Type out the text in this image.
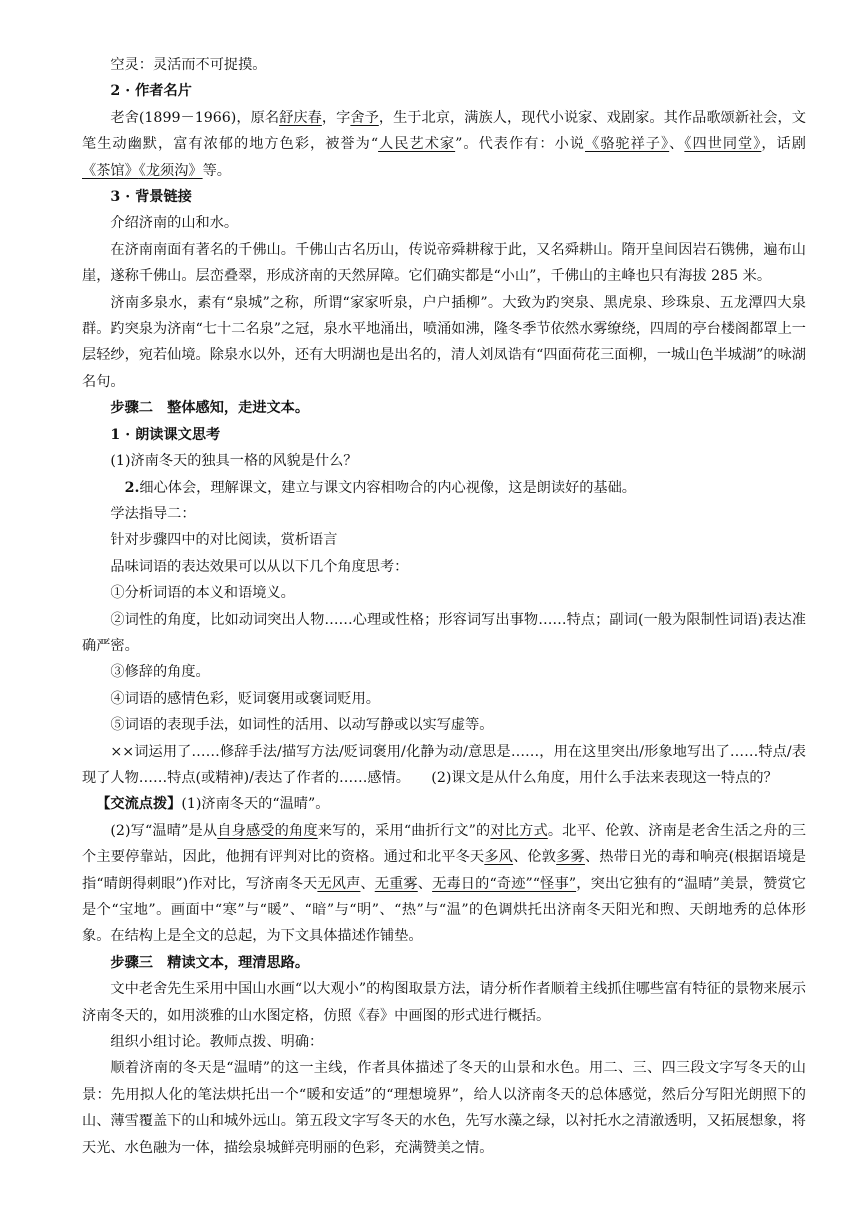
空灵：灵活而不可捉摸。

2 · 作者名片

老舍(1899－1966)，原名舒庆春，字舍予，生于北京，满族人，现代小说家、戏剧家。其作品歌颂新社会，文笔生动幽默，富有浓郁的地方色彩，被誉为“人民艺术家”。代表作有：小说《骆驼祥子》、《四世同堂》，话剧《茶馆》《龙须沟》等。

3 · 背景链接

介绍济南的山和水。

在济南南面有著名的千佛山。千佛山古名历山，传说帝舜耕稼于此，又名舜耕山。隋开皇间因岩石镌佛，遍布山崖，遂称千佛山。层峦叠翠，形成济南的天然屏障。它们确实都是“小山”，千佛山的主峰也只有海拔 285 米。

济南多泉水，素有“泉城”之称，所谓“家家听泉，户户插柳”。大致为趵突泉、黑虎泉、珍珠泉、五龙潭四大泉群。趵突泉为济南“七十二名泉”之冠，泉水平地涌出，喷涌如沸，隆冬季节依然水雾缭绕，四周的亭台楼阁都罩上一层轻纱，宛若仙境。除泉水以外，还有大明湖也是出名的，清人刘凤诰有“四面荷花三面柳，一城山色半城湖”的咏湖名句。

步骤二　整体感知，走进文本。

1 · 朗读课文思考

(1)济南冬天的独具一格的风貌是什么？

2.细心体会，理解课文，建立与课文内容相吻合的内心视像，这是朗读好的基础。

学法指导二：

针对步骤四中的对比阅读，赏析语言

品味词语的表达效果可以从以下几个角度思考：

①分析词语的本义和语境义。

②词性的角度，比如动词突出人物……心理或性格；形容词写出事物……特点；副词(一般为限制性词语)表达准确严密。

③修辞的角度。

④词语的感情色彩，贬词褒用或褒词贬用。

⑤词语的表现手法，如词性的活用、以动写静或以实写虚等。

××词运用了……修辞手法/描写方法/贬词褒用/化静为动/意思是……，用在这里突出/形象地写出了……特点/表现了人物……特点(或精神)/表达了作者的……感情。　　 (2)课文是从什么角度，用什么手法来表现这一特点的？

【交流点拨】(1)济南冬天的“温晴”。

(2)写“温晴”是从自身感受的角度来写的，采用“曲折行文”的对比方式。北平、伦敦、济南是老舍生活之舟的三个主要停靠站，因此，他拥有评判对比的资格。通过和北平冬天多风、伦敦多雾、热带日光的毒和响亮(根据语境是指“晴朗得刺眼”)作对比，写济南冬天无风声、无重雾、无毒日的“奇迹”“怪事”，突出它独有的“温晴”美景，赞赏它是个“宝地”。画面中“寒”与“暖”、“暗”与“明”、“热”与“温”的色调烘托出济南冬天阳光和煦、天朗地秀的总体形象。在结构上是全文的总起，为下文具体描述作铺垫。

步骤三　精读文本，理清思路。

文中老舍先生采用中国山水画“以大观小”的构图取景方法，请分析作者顺着主线抓住哪些富有特征的景物来展示济南冬天的，如用淡雅的山水图定格，仿照《春》中画图的形式进行概括。

组织小组讨论。教师点拨、明确：

顺着济南的冬天是“温晴”的这一主线，作者具体描述了冬天的山景和水色。用二、三、四三段文字写冬天的山景：先用拟人化的笔法烘托出一个“暖和安适”的“理想境界”，给人以济南冬天的总体感觉，然后分写阳光朗照下的山、薄雪覆盖下的山和城外远山。第五段文字写冬天的水色，先写水藻之绿，以衬托水之清澈透明，又拓展想象，将天光、水色融为一体，描绘泉城鲜亮明丽的色彩，充满赞美之情。
